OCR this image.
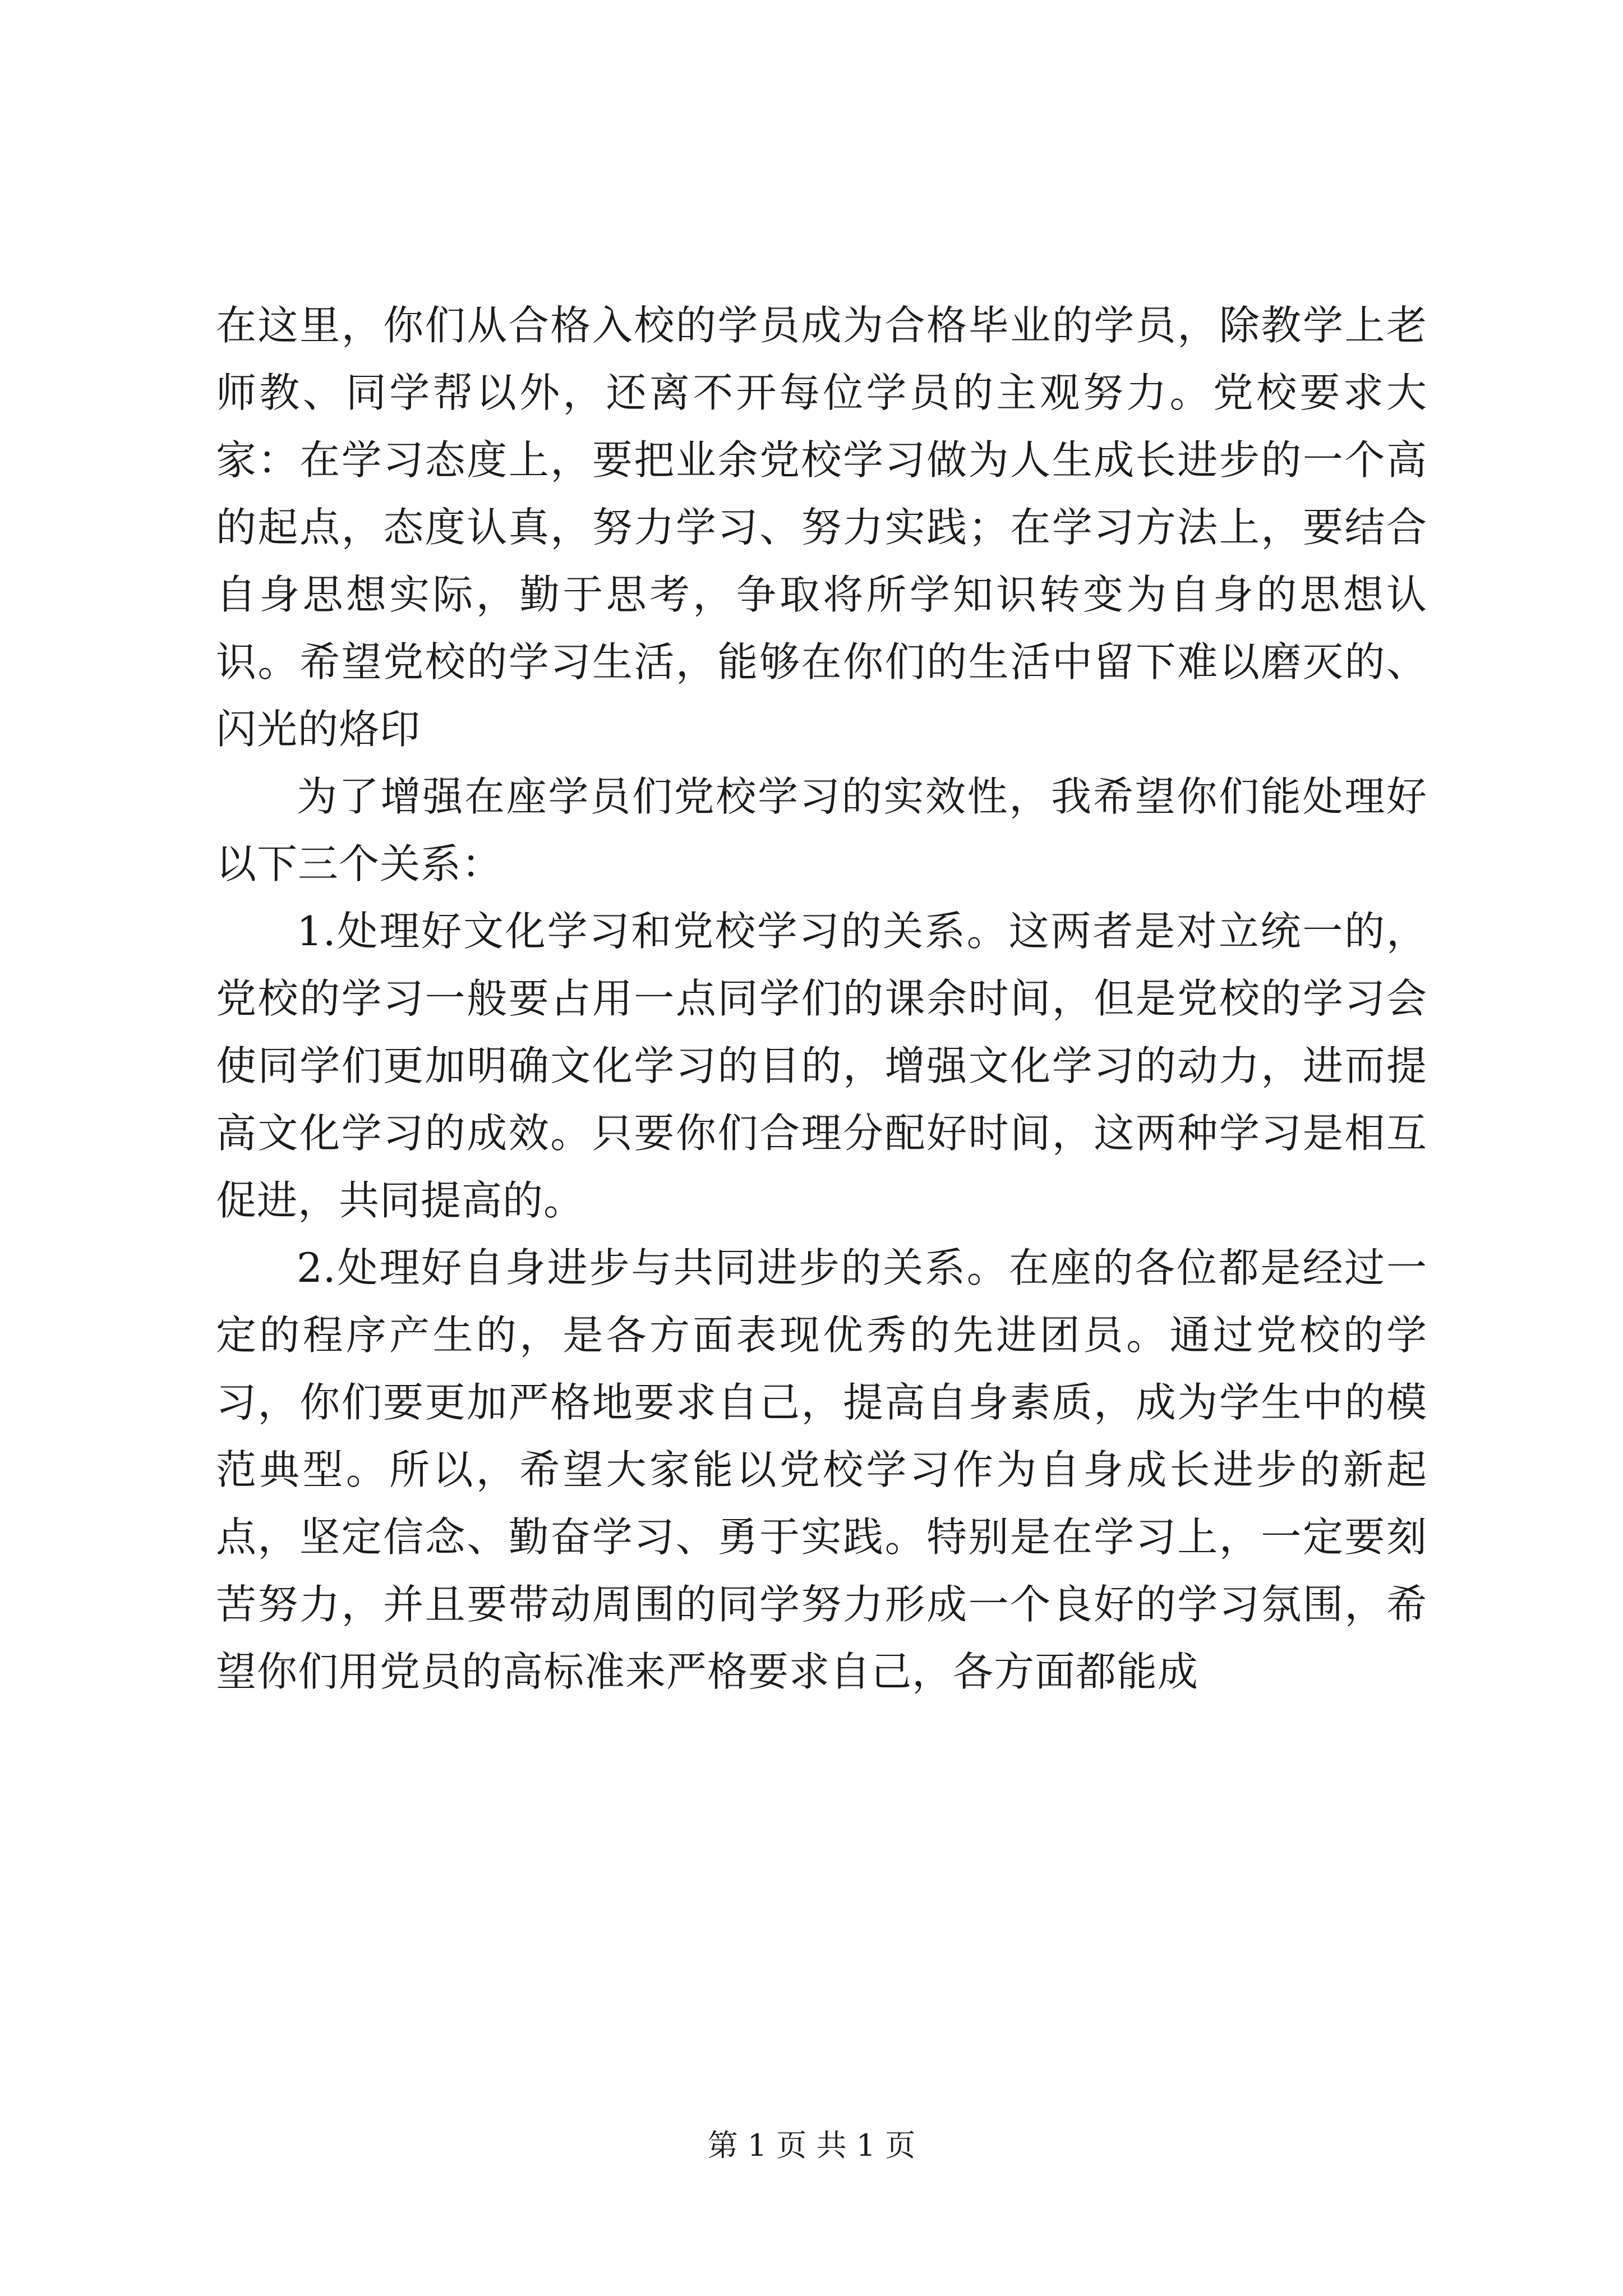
在这里，你们从合格入校的学员成为合格毕业的学员，除教学上老师教、同学帮以外，还离不开每位学员的主观努力。党校要求大家：在学习态度上，要把业余党校学习做为人生成长进步的一个高的起点，态度认真，努力学习、努力实践；在学习方法上，要结合自身思想实际，勤于思考，争取将所学知识转变为自身的思想认识。希望党校的学习生活，能够在你们的生活中留下难以磨灭的、闪光的烙印

为了增强在座学员们党校学习的实效性，我希望你们能处理好以下三个关系：

1.处理好文化学习和党校学习的关系。这两者是对立统一的，党校的学习一般要占用一点同学们的课余时间，但是党校的学习会使同学们更加明确文化学习的目的，增强文化学习的动力，进而提高文化学习的成效。只要你们合理分配好时间，这两种学习是相互促进，共同提高的。

2.处理好自身进步与共同进步的关系。在座的各位都是经过一定的程序产生的，是各方面表现优秀的先进团员。通过党校的学习，你们要更加严格地要求自己，提高自身素质，成为学生中的模范典型。所以，希望大家能以党校学习作为自身成长进步的新起点，坚定信念、勤奋学习、勇于实践。特别是在学习上，一定要刻苦努力，并且要带动周围的同学努力形成一个良好的学习氛围，希望你们用党员的高标准来严格要求自己，各方面都能成

第 1 页 共 1 页
